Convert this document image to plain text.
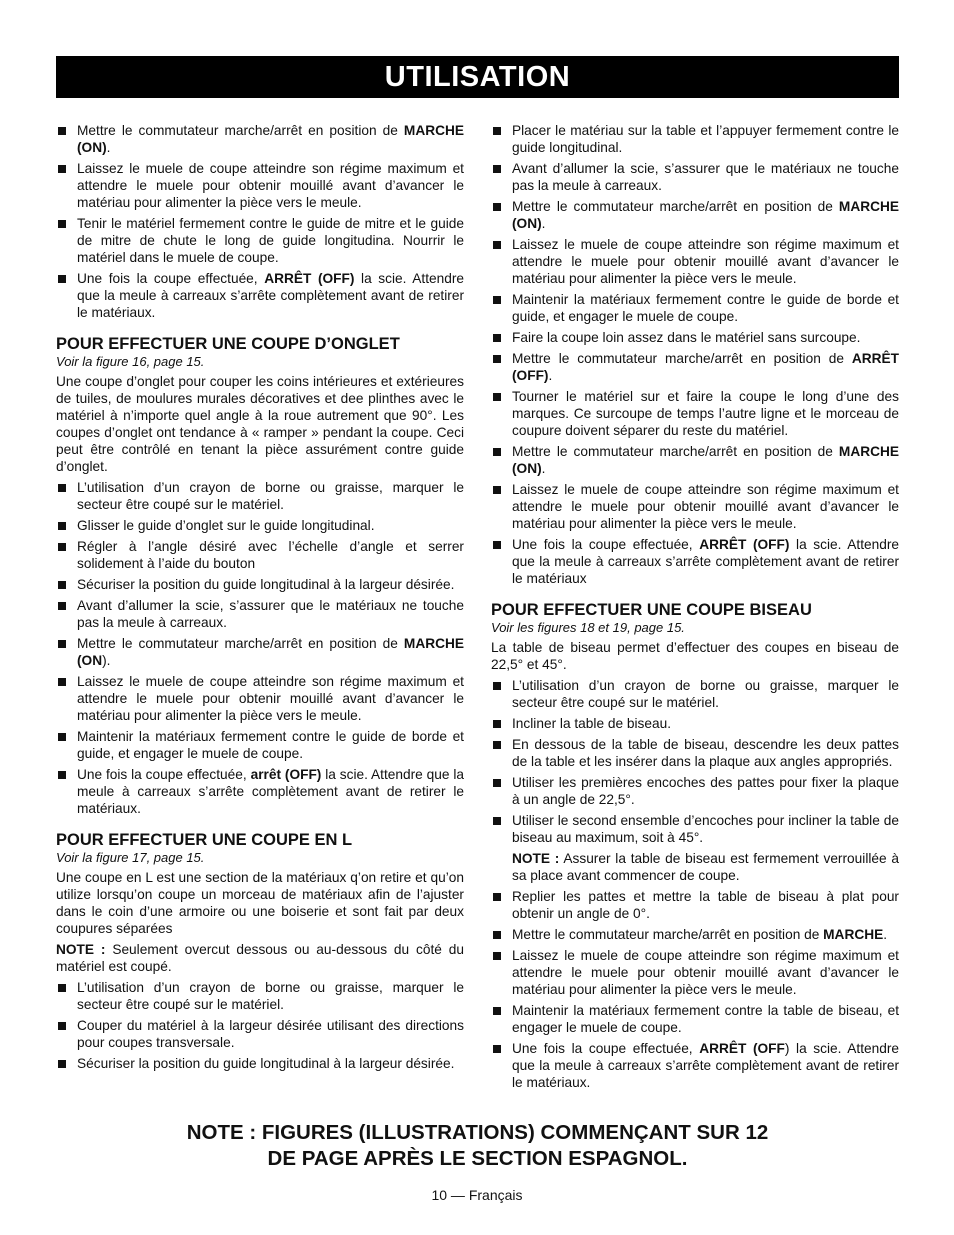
UTILISATION
Mettre le commutateur marche/arrêt en position de MARCHE (ON).
Laissez le muele de coupe atteindre son régime maximum et attendre le muele pour obtenir mouillé avant d’avancer le matériau pour alimenter la pièce vers le meule.
Tenir le matériel fermement contre le guide de mitre et le guide de mitre de chute le long de guide longitudina. Nourrir le matériel dans le muele de coupe.
Une fois la coupe effectuée, ARRÊT (OFF) la scie. Attendre que la meule à carreaux s’arrête complètement avant de retirer le matériaux.
POUR EFFECTUER UNE COUPE D’ONGLET
Voir la figure 16, page 15.

Une coupe d’onglet pour couper les coins intérieures et extérieures de tuiles, de moulures murales décoratives et dee plinthes avec le matériel à n’importe quel angle à la roue autrement que 90°. Les coupes d’onglet ont tendance à « ramper » pendant la coupe. Ceci peut être contrôlé en tenant la pièce assurément contre guide d’onglet.

L’utilisation d’un crayon de borne ou graisse, marquer le secteur être coupé sur le matériel.
Glisser le guide d’onglet sur le guide longitudinal.
Régler à l’angle désiré avec l’échelle d’angle et serrer solidement à l’aide du bouton
Sécuriser la position du guide longitudinal à la largeur désirée.
Avant d’allumer la scie, s’assurer que le matériaux ne touche pas la meule à carreaux.
Mettre le commutateur marche/arrêt en position de MARCHE (ON).
Laissez le muele de coupe atteindre son régime maximum et attendre le muele pour obtenir mouillé avant d’avancer le matériau pour alimenter la pièce vers le meule.
Maintenir la matériaux fermement contre le guide de borde et guide, et engager le muele de coupe.
Une fois la coupe effectuée, arrêt (OFF) la scie. Attendre que la meule à carreaux s’arrête complètement avant de retirer le matériaux.
POUR EFFECTUER UNE COUPE EN L
Voir la figure 17, page 15.

Une coupe en L est une section de la matériaux q’on retire et qu’on utilize lorsqu’on coupe un morceau de matériaux afin de l’ajuster dans le coin d’une armoire ou une boiserie et sont fait par deux coupures séparées

NOTE : Seulement overcut dessous ou au-dessous du côté du matériel est coupé.

L’utilisation d’un crayon de borne ou graisse, marquer le secteur être coupé sur le matériel.
Couper du matériel à la largeur désirée utilisant des directions pour coupes transversale.
Sécuriser la position du guide longitudinal à la largeur désirée.
Placer le matériau sur la table et l’appuyer fermement contre le guide longitudinal.
Avant d’allumer la scie, s’assurer que le matériaux ne touche pas la meule à carreaux.
Mettre le commutateur marche/arrêt en position de MARCHE (ON).
Laissez le muele de coupe atteindre son régime maximum et attendre le muele pour obtenir mouillé avant d’avancer le matériau pour alimenter la pièce vers le meule.
Maintenir la matériaux fermement contre le guide de borde et guide, et engager le muele de coupe.
Faire la coupe loin assez dans le matériel sans surcoupe.
Mettre le commutateur marche/arrêt en position de ARRÊT (OFF).
Tourner le matériel sur et faire la coupe le long d’une des marques. Ce surcoupe de temps l’autre ligne et le morceau de coupure doivent séparer du reste du matériel.
Mettre le commutateur marche/arrêt en position de MARCHE (ON).
Laissez le muele de coupe atteindre son régime maximum et attendre le muele pour obtenir mouillé avant d’avancer le matériau pour alimenter la pièce vers le meule.
Une fois la coupe effectuée, ARRÊT (OFF) la scie. Attendre que la meule à carreaux s’arrête complètement avant de retirer le matériaux
POUR EFFECTUER UNE COUPE BISEAU
Voir les figures 18 et 19, page 15.

La table de biseau permet d’effectuer des coupes en biseau de 22,5° et 45°.

L’utilisation d’un crayon de borne ou graisse, marquer le secteur être coupé sur le matériel.
Incliner la table de biseau.
En dessous de la table de biseau, descendre les deux pattes de la table et les insérer dans la plaque aux angles appropriés.
Utiliser les premières encoches des pattes pour fixer la plaque à un angle de 22,5°.
Utiliser le second ensemble d’encoches pour incliner la table de biseau au maximum, soit à 45°.
NOTE : Assurer la table de biseau est fermement verrouillée à sa place avant commencer de coupe.
Replier les pattes et mettre la table de biseau à plat pour obtenir un angle de 0°.
Mettre le commutateur marche/arrêt en position de MARCHE.
Laissez le muele de coupe atteindre son régime maximum et attendre le muele pour obtenir mouillé avant d’avancer le matériau pour alimenter la pièce vers le meule.
Maintenir la matériaux fermement contre la table de biseau, et engager le muele de coupe.
Une fois la coupe effectuée, ARRÊT (OFF) la scie. Attendre que la meule à carreaux s’arrête complètement avant de retirer le matériaux.
NOTE : FIGURES (ILLUSTRATIONS) COMMENÇANT SUR 12
DE PAGE APRÈS LE SECTION ESPAGNOL.
10 — Français
